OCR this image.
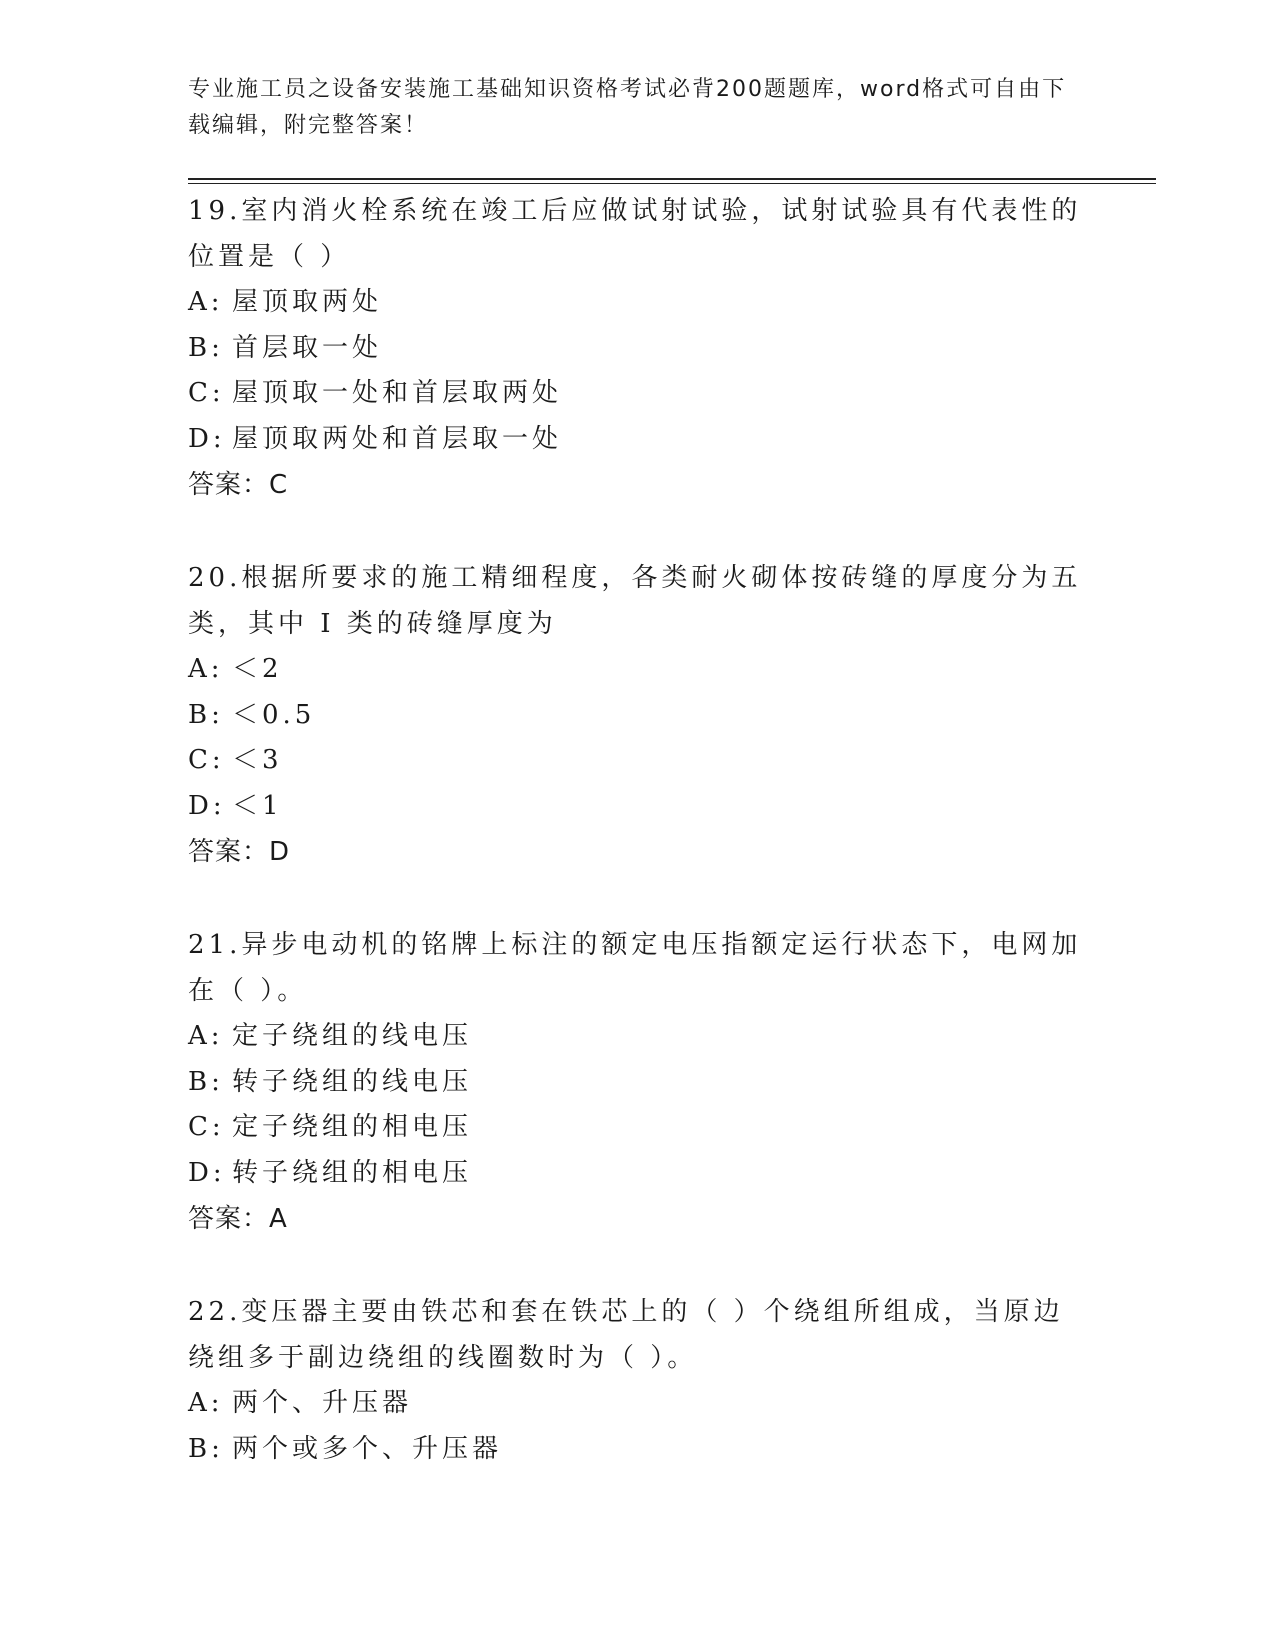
专业施工员之设备安装施工基础知识资格考试必背200题题库，word格式可自由下载编辑，附完整答案！
19.室内消火栓系统在竣工后应做试射试验，试射试验具有代表性的位置是（ ）
A: 屋顶取两处
B: 首层取一处
C: 屋顶取一处和首层取两处
D: 屋顶取两处和首层取一处
答案：C
20.根据所要求的施工精细程度，各类耐火砌体按砖缝的厚度分为五类，其中 I 类的砖缝厚度为
A: ＜2
B: ＜0.5
C: ＜3
D: ＜1
答案：D
21.异步电动机的铭牌上标注的额定电压指额定运行状态下，电网加在（ ）。
A: 定子绕组的线电压
B: 转子绕组的线电压
C: 定子绕组的相电压
D: 转子绕组的相电压
答案：A
22.变压器主要由铁芯和套在铁芯上的（ ）个绕组所组成，当原边绕组多于副边绕组的线圈数时为（ ）。
A: 两个、升压器
B: 两个或多个、升压器
